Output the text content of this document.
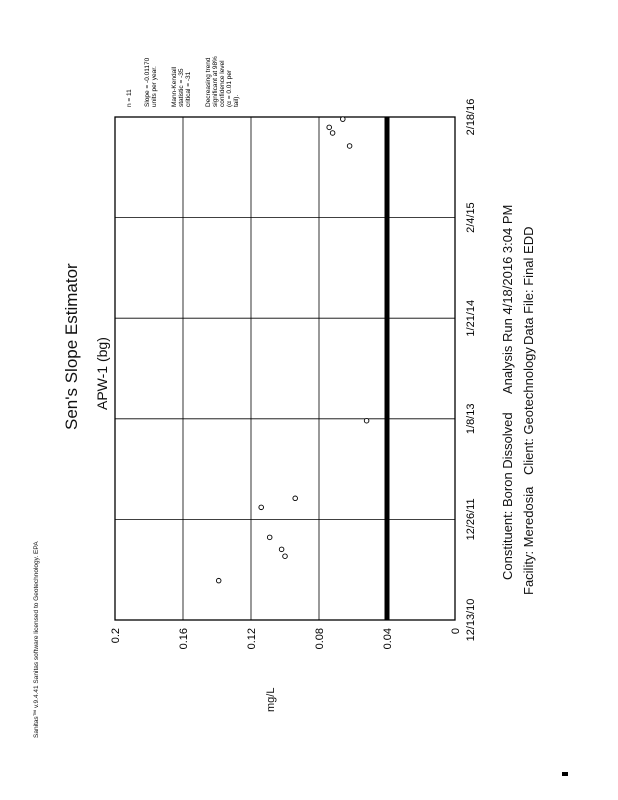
Sanitas™ v.9.4.41 Sanitas software licensed to Geotechnology. EPA
Sen's Slope Estimator APW-1 (bg)
mg/L
0
0.04
0.08
0.12
0.16
0.2	12/13/10
12/26/11
1/8/13
1/21/14
2/4/15
2/18/16
n = 11 Slope = -0.01170 units per year. Mann-Kendall statistic = -35 critical = -31 Decreasing trend significant at 98% confidence level (α = 0.01 per tail).
Constituent: Boron Dissolved
Analysis Run 4/18/2016 3:04 PM
Facility: Meredosia
Client: Geotechnology
Data File: Final EDD
